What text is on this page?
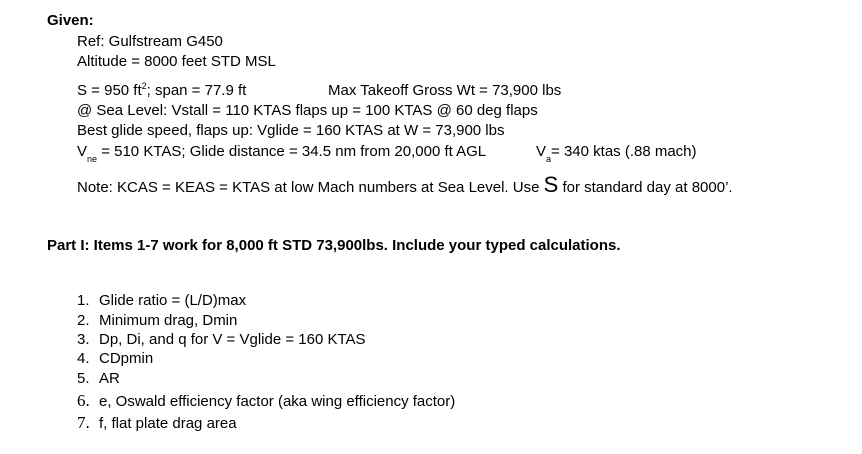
Given:
Ref: Gulfstream G450
Altitude = 8000 feet STD MSL
S = 950 $ft^2$; span = 77.9 ft	Max Takeoff Gross Wt = 73,900 lbs
@ Sea Level: Vstall = 110 KTAS flaps up = 100 KTAS @ 60 deg flaps
Best glide speed, flaps up: Vglide = 160 KTAS at W = 73,900 lbs
$V_{ne} = 510$ KTAS; Glide distance = 34.5 nm from 20,000 ft AGL	$V_a= 340$ ktas (.88 mach)
Note: KCAS = KEAS = KTAS at low Mach numbers at Sea Level. Use S for standard day at 8000’.
Part I: Items 1-7 work for 8,000 ft STD 73,900lbs. Include your typed calculations.
1. Glide ratio = (L/D)max
2. Minimum drag, Dmin
3. Dp, Di, and q for V = Vglide = 160 KTAS
4. CDpmin
5. AR
6. e, Oswald efficiency factor (aka wing efficiency factor)
7. f, flat plate drag area
